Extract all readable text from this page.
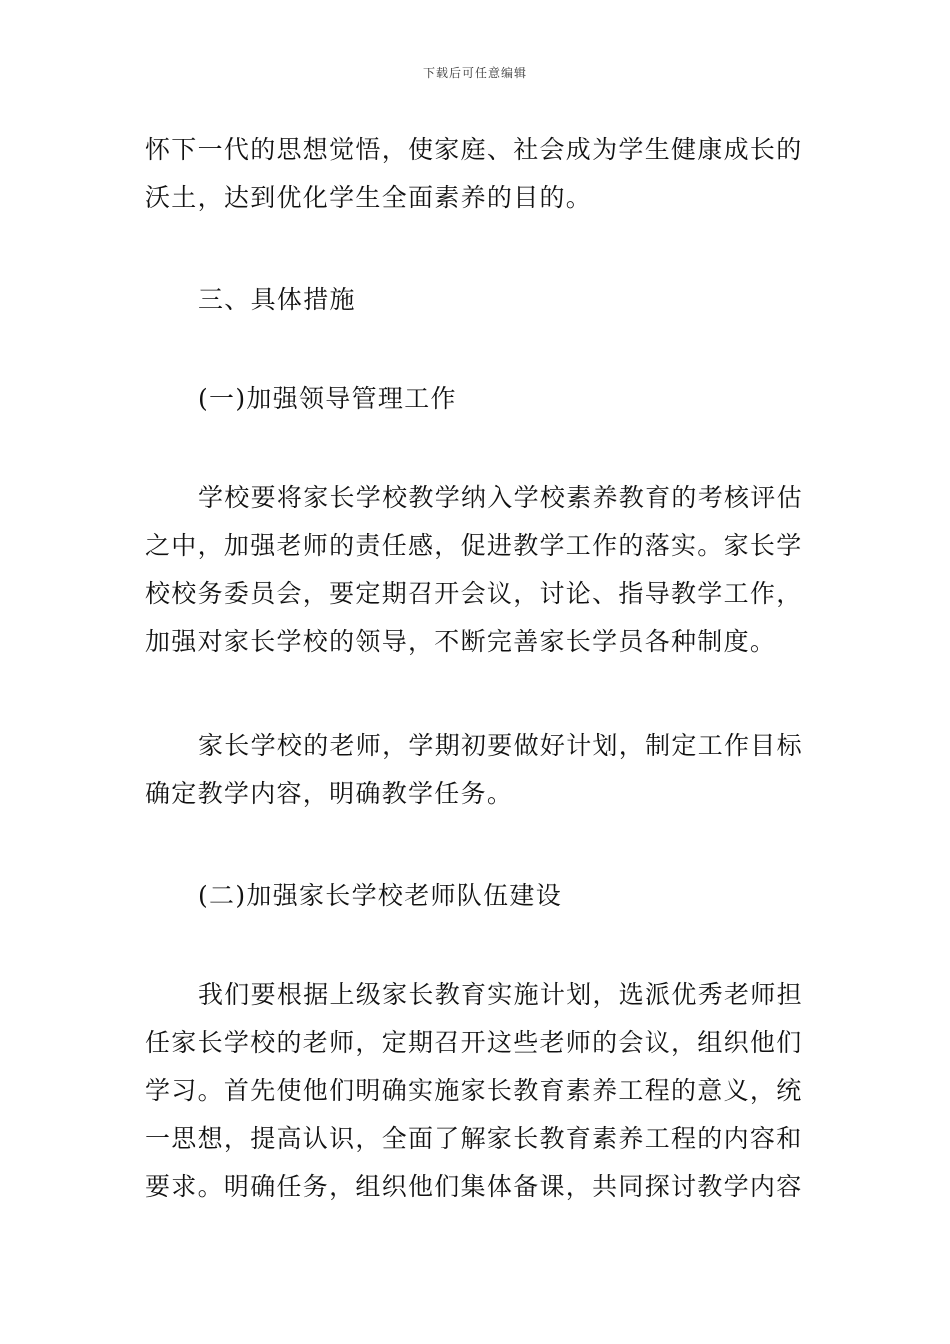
下载后可任意编辑
怀下一代的思想觉悟，使家庭、社会成为学生健康成长的
沃土，达到优化学生全面素养的目的。
三、具体措施
(一)加强领导管理工作
学校要将家长学校教学纳入学校素养教育的考核评估
之中，加强老师的责任感，促进教学工作的落实。家长学
校校务委员会，要定期召开会议，讨论、指导教学工作，
加强对家长学校的领导，不断完善家长学员各种制度。
家长学校的老师，学期初要做好计划，制定工作目标
确定教学内容，明确教学任务。
(二)加强家长学校老师队伍建设
我们要根据上级家长教育实施计划，选派优秀老师担
任家长学校的老师，定期召开这些老师的会议，组织他们
学习。首先使他们明确实施家长教育素养工程的意义，统
一思想，提高认识，全面了解家长教育素养工程的内容和
要求。明确任务，组织他们集体备课，共同探讨教学内容
